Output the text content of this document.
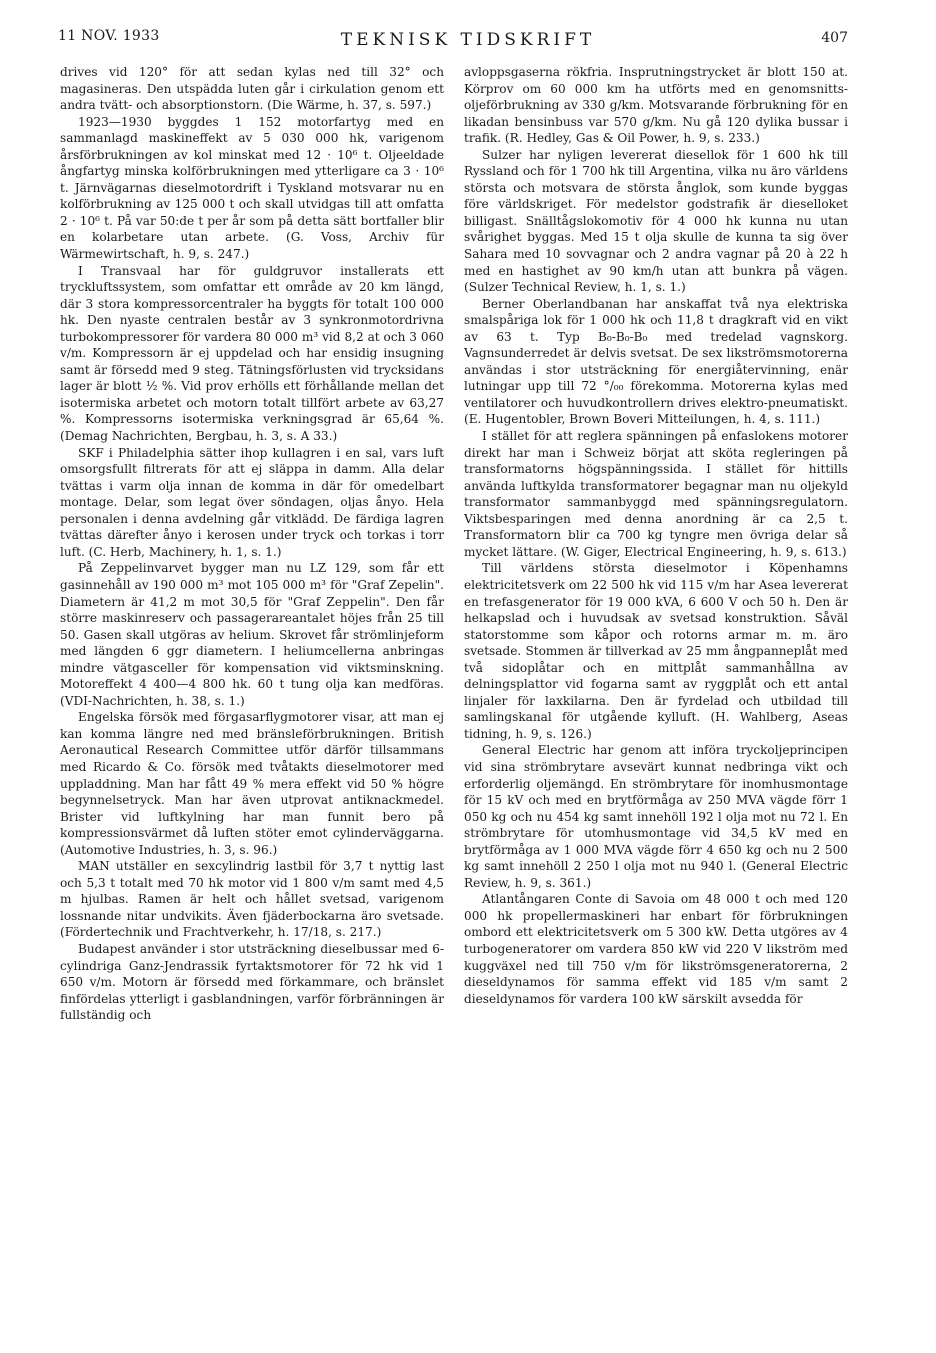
11 NOV. 1933	TEKNISK TIDSKRIFT	407

drives vid 120° för att sedan kylas ned till 32° och magasineras. Den utspädda luten går i cirkulation genom ett andra tvätt- och absorptionstorn. (Die Wärme, h. 37, s. 597.)

1923—1930 byggdes 1 152 motorfartyg med en sammanlagd maskineffekt av 5 030 000 hk, varigenom årsförbrukningen av kol minskat med 12 · 10⁶ t. Oljeeldade ångfartyg minska kolförbrukningen med ytterligare ca 3 · 10⁶ t. Järnvägarnas dieselmotordrift i Tyskland motsvarar nu en kolförbrukning av 125 000 t och skall utvidgas till att omfatta 2 · 10⁶ t. På var 50:de t per år som på detta sätt bortfaller blir en kolarbetare utan arbete. (G. Voss, Archiv für Wärmewirtschaft, h. 9, s. 247.)

I Transvaal har för guldgruvor installerats ett tryckluftssystem, som omfattar ett område av 20 km längd, där 3 stora kompressorcentraler ha byggts för totalt 100 000 hk. Den nyaste centralen består av 3 synkronmotordrivna turbokompressorer för vardera 80 000 m³ vid 8,2 at och 3 060 v/m. Kompressorn är ej uppdelad och har ensidig insugning samt är försedd med 9 steg. Tätningsförlusten vid trycksidans lager är blott ½ %. Vid prov erhölls ett förhållande mellan det isotermiska arbetet och motorn totalt tillfört arbete av 63,27 %. Kompressorns isotermiska verkningsgrad är 65,64 %. (Demag Nachrichten, Bergbau, h. 3, s. A 33.)

SKF i Philadelphia sätter ihop kullagren i en sal, vars luft omsorgsfullt filtrerats för att ej släppa in damm. Alla delar tvättas i varm olja innan de komma in där för omedelbart montage. Delar, som legat över söndagen, oljas ånyo. Hela personalen i denna avdelning går vitklädd. De färdiga lagren tvättas därefter ånyo i kerosen under tryck och torkas i torr luft. (C. Herb, Machinery, h. 1, s. 1.)

På Zeppelinvarvet bygger man nu LZ 129, som får ett gasinnehåll av 190 000 m³ mot 105 000 m³ för "Graf Zepelin". Diametern är 41,2 m mot 30,5 för "Graf Zeppelin". Den får större maskinreserv och passagerareantalet höjes från 25 till 50. Gasen skall utgöras av helium. Skrovet får strömlinjeform med längden 6 ggr diametern. I heliumcellerna anbringas mindre vätgasceller för kompensation vid viktsminskning. Motoreffekt 4 400—4 800 hk. 60 t tung olja kan medföras. (VDI-Nachrichten, h. 38, s. 1.)

Engelska försök med förgasarflygmotorer visar, att man ej kan komma längre ned med bränsleförbrukningen. British Aeronautical Research Committee utför därför tillsammans med Ricardo & Co. försök med tvåtakts dieselmotorer med uppladdning. Man har fått 49 % mera effekt vid 50 % högre begynnelsetryck. Man har även utprovat antiknackmedel. Brister vid luftkylning har man funnit bero på kompressionsvärmet då luften stöter emot cylinderväggarna. (Automotive Industries, h. 3, s. 96.)

MAN utställer en sexcylindrig lastbil för 3,7 t nyttig last och 5,3 t totalt med 70 hk motor vid 1 800 v/m samt med 4,5 m hjulbas. Ramen är helt och hållet svetsad, varigenom lossnande nitar undvikits. Även fjäderbockarna äro svetsade. (Fördertechnik und Frachtverkehr, h. 17/18, s. 217.)

Budapest använder i stor utsträckning dieselbussar med 6-cylindriga Ganz-Jendrassik fyrtaktsmotorer för 72 hk vid 1 650 v/m. Motorn är försedd med förkammare, och bränslet finfördelas ytterligt i gasblandningen, varför förbränningen är fullständig och

avloppsgaserna rökfria. Insprutningstrycket är blott 150 at. Körprov om 60 000 km ha utförts med en genomsnitts-oljeförbrukning av 330 g/km. Motsvarande förbrukning för en likadan bensinbuss var 570 g/km. Nu gå 120 dylika bussar i trafik. (R. Hedley, Gas & Oil Power, h. 9, s. 233.)

Sulzer har nyligen levererat diesellok för 1 600 hk till Ryssland och för 1 700 hk till Argentina, vilka nu äro världens största och motsvara de största ånglok, som kunde byggas före världskriget. För medelstor godstrafik är dieselloket billigast. Snälltågslokomotiv för 4 000 hk kunna nu utan svårighet byggas. Med 15 t olja skulle de kunna ta sig över Sahara med 10 sovvagnar och 2 andra vagnar på 20 à 22 h med en hastighet av 90 km/h utan att bunkra på vägen. (Sulzer Technical Review, h. 1, s. 1.)

Berner Oberlandbanan har anskaffat två nya elektriska smalspåriga lok för 1 000 hk och 11,8 t dragkraft vid en vikt av 63 t. Typ B₀-B₀-B₀ med tredelad vagnskorg. Vagnsunderredet är delvis svetsat. De sex likströmsmotorerna användas i stor utsträckning för energiåtervinning, enär lutningar upp till 72 °/₀₀ förekomma. Motorerna kylas med ventilatorer och huvudkontrollern drives elektro-pneumatiskt. (E. Hugentobler, Brown Boveri Mitteilungen, h. 4, s. 111.)

I stället för att reglera spänningen på enfaslokens motorer direkt har man i Schweiz börjat att sköta regleringen på transformatorns högspänningssida. I stället för hittills använda luftkylda transformatorer begagnar man nu oljekyld transformator sammanbyggd med spänningsregulatorn. Viktsbesparingen med denna anordning är ca 2,5 t. Transformatorn blir ca 700 kg tyngre men övriga delar så mycket lättare. (W. Giger, Electrical Engineering, h. 9, s. 613.)

Till världens största dieselmotor i Köpenhamns elektricitetsverk om 22 500 hk vid 115 v/m har Asea levererat en trefasgenerator för 19 000 kVA, 6 600 V och 50 h. Den är helkapslad och i huvudsak av svetsad konstruktion. Såväl statorstomme som kåpor och rotorns armar m. m. äro svetsade. Stommen är tillverkad av 25 mm ångpanneplåt med två sidoplåtar och en mittplåt sammanhållna av delningsplattor vid fogarna samt av ryggplåt och ett antal linjaler för laxkilarna. Den är fyrdelad och utbildad till samlingskanal för utgående kylluft. (H. Wahlberg, Aseas tidning, h. 9, s. 126.)

General Electric har genom att införa tryckoljeprincipen vid sina strömbrytare avsevärt kunnat nedbringa vikt och erforderlig oljemängd. En strömbrytare för inomhusmontage för 15 kV och med en brytförmåga av 250 MVA vägde förr 1 050 kg och nu 454 kg samt innehöll 192 l olja mot nu 72 l. En strömbrytare för utomhusmontage vid 34,5 kV med en brytförmåga av 1 000 MVA vägde förr 4 650 kg och nu 2 500 kg samt innehöll 2 250 l olja mot nu 940 l. (General Electric Review, h. 9, s. 361.)

Atlantångaren Conte di Savoia om 48 000 t och med 120 000 hk propellermaskineri har enbart för förbrukningen ombord ett elektricitetsverk om 5 300 kW. Detta utgöres av 4 turbogeneratorer om vardera 850 kW vid 220 V likström med kuggväxel ned till 750 v/m för likströmsgeneratorerna, 2 dieseldynamos för samma effekt vid 185 v/m samt 2 dieseldynamos för vardera 100 kW särskilt avsedda för
